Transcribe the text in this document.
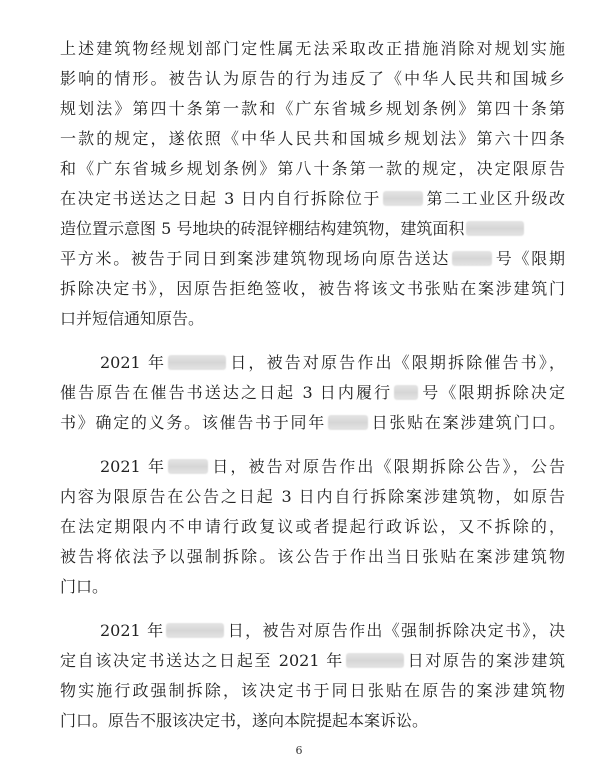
上述建筑物经规划部门定性属无法采取改正措施消除对规划实施
影响的情形。被告认为原告的行为违反了《中华人民共和国城乡
规划法》第四十条第一款和《广东省城乡规划条例》第四十条第
一款的规定，遂依照《中华人民共和国城乡规划法》第六十四条
和《广东省城乡规划条例》第八十条第一款的规定，决定限原告
在决定书送达之日起 3 日内自行拆除位于	第二工业区升级改
造位置示意图 5 号地块的砖混锌棚结构建筑物，建筑面积
平方米。被告于同日到案涉建筑物现场向原告送达	号《限期
拆除决定书》，因原告拒绝签收，被告将该文书张贴在案涉建筑门
口并短信通知原告。
2021 年	日，被告对原告作出《限期拆除催告书》，
催告原告在催告书送达之日起 3 日内履行 号《限期拆除决定
书》确定的义务。该催告书于同年	日张贴在案涉建筑门口。
2021 年	日，被告对原告作出《限期拆除公告》，公告
内容为限原告在公告之日起 3 日内自行拆除案涉建筑物，如原告
在法定期限内不申请行政复议或者提起行政诉讼，又不拆除的，
被告将依法予以强制拆除。该公告于作出当日张贴在案涉建筑物
门口。
2021 年	日，被告对原告作出《强制拆除决定书》，决
定自该决定书送达之日起至 2021 年	日对原告的案涉建筑
物实施行政强制拆除，该决定书于同日张贴在原告的案涉建筑物
门口。原告不服该决定书，遂向本院提起本案诉讼。
6
